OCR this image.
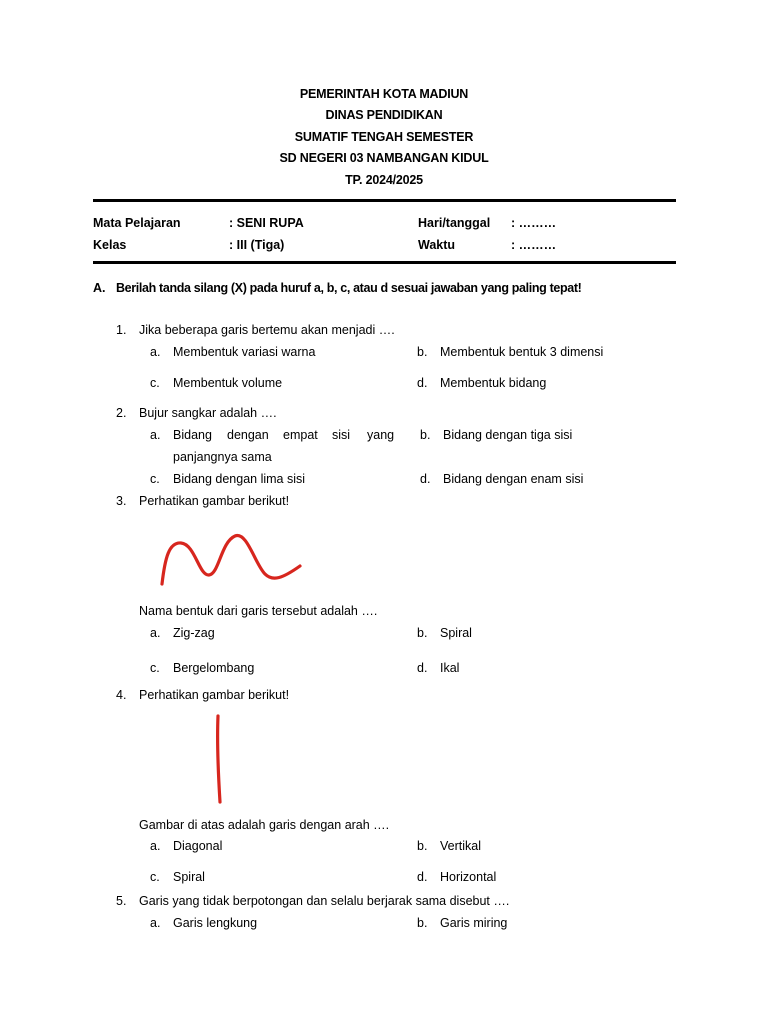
PEMERINTAH KOTA MADIUN
DINAS PENDIDIKAN
SUMATIF TENGAH SEMESTER
SD NEGERI 03 NAMBANGAN KIDUL
TP. 2024/2025
Mata Pelajaran	: SENI RUPA	Hari/tanggal : ………
Kelas	: III (Tiga)	Waktu	: ………
A. Berilah tanda silang (X) pada huruf a, b, c, atau d sesuai jawaban yang paling tepat!
1. Jika beberapa garis bertemu akan menjadi ….
a. Membentuk variasi warna	b. Membentuk bentuk 3 dimensi
c. Membentuk volume	d. Membentuk bidang
2. Bujur sangkar adalah ….
a. Bidang dengan empat sisi yang
panjangnya sama
b. Bidang dengan tiga sisi
c. Bidang dengan lima sisi	d. Bidang dengan enam sisi
3. Perhatikan gambar berikut!
Nama bentuk dari garis tersebut adalah ….
a. Zig-zag	b. Spiral
c. Bergelombang	d. Ikal
4. Perhatikan gambar berikut!
Gambar di atas adalah garis dengan arah ….
a. Diagonal	b. Vertikal
c. Spiral	d. Horizontal
5. Garis yang tidak berpotongan dan selalu berjarak sama disebut ….
a. Garis lengkung	b. Garis miring
